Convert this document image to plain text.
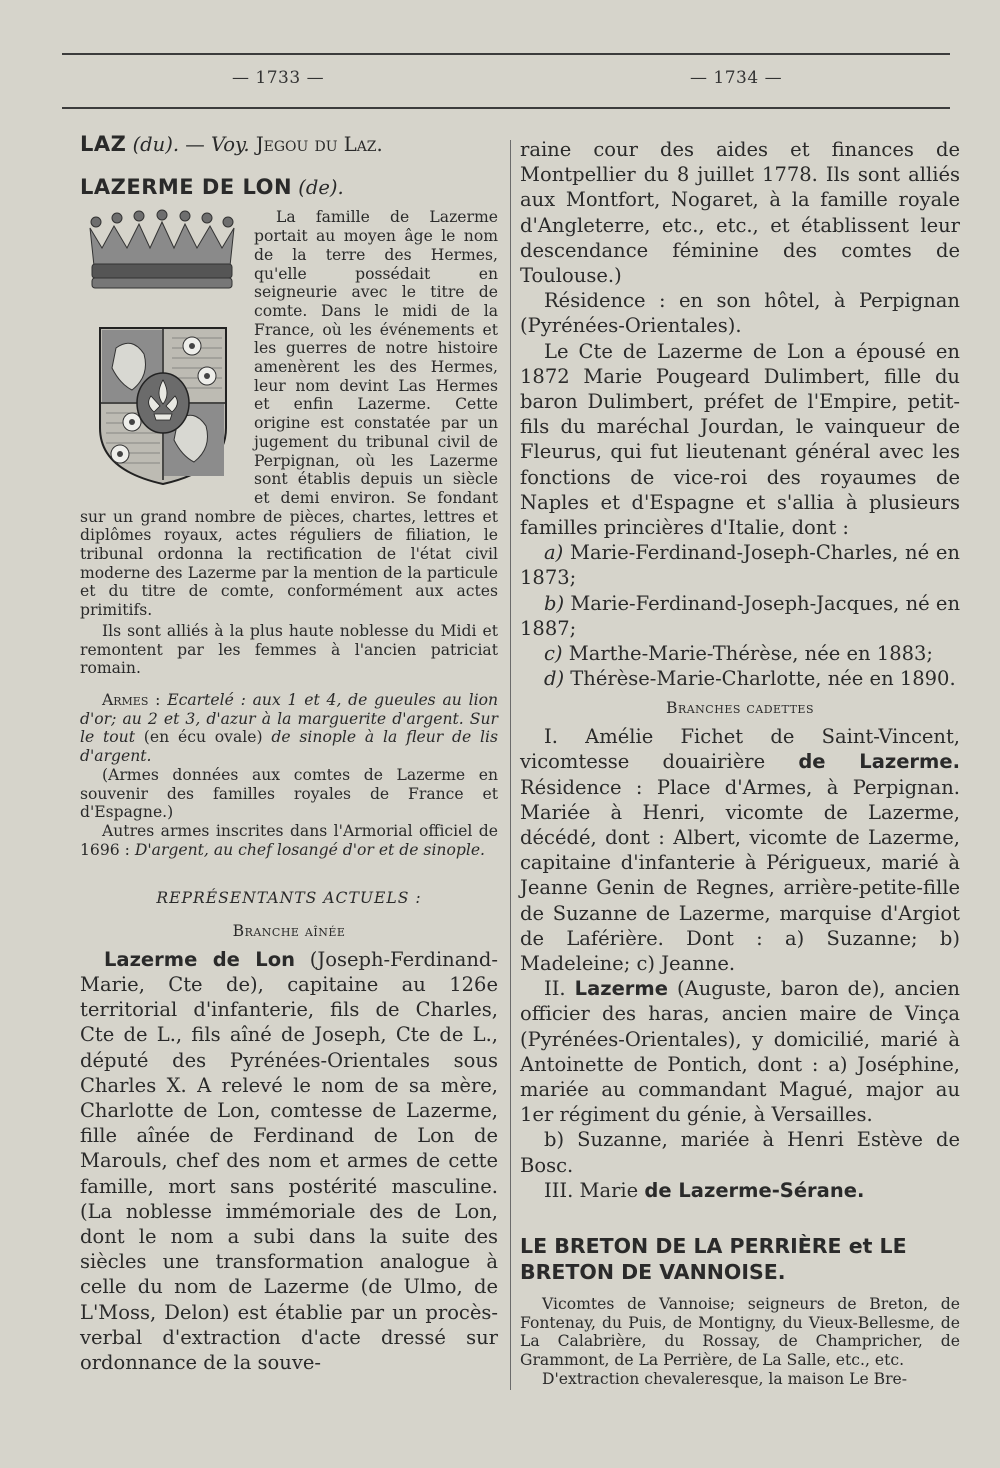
— 1733 —	— 1734 —

LAZ (du). — Voy. Jegou du Laz.

LAZERME DE LON (de).

La famille de Lazerme portait au moyen âge le nom de la terre des Hermes, qu'elle possédait en seigneurie avec le titre de comte. Dans le midi de la France, où les événements et les guerres de notre histoire amenèrent les des Hermes, leur nom devint Las Hermes et enfin Lazerme. Cette origine est constatée par un jugement du tribunal civil de Perpignan, où les Lazerme sont établis depuis un siècle et demi environ. Se fondant sur un grand nombre de pièces, chartes, lettres et diplômes royaux, actes réguliers de filiation, le tribunal ordonna la rectification de l'état civil moderne des Lazerme par la mention de la particule et du titre de comte, conformément aux actes primitifs.

Ils sont alliés à la plus haute noblesse du Midi et remontent par les femmes à l'ancien patriciat romain.

Armes : Ecartelé : aux 1 et 4, de gueules au lion d'or; au 2 et 3, d'azur à la marguerite d'argent. Sur le tout (en écu ovale) de sinople à la fleur de lis d'argent.

(Armes données aux comtes de Lazerme en souvenir des familles royales de France et d'Espagne.)

Autres armes inscrites dans l'Armorial officiel de 1696 : D'argent, au chef losangé d'or et de sinople.

REPRÉSENTANTS ACTUELS :

Branche aînée

Lazerme de Lon (Joseph-Ferdinand-Marie, Cte de), capitaine au 126e territorial d'infanterie, fils de Charles, Cte de L., fils aîné de Joseph, Cte de L., député des Pyrénées-Orientales sous Charles X. A relevé le nom de sa mère, Charlotte de Lon, comtesse de Lazerme, fille aînée de Ferdinand de Lon de Marouls, chef des nom et armes de cette famille, mort sans postérité masculine. (La noblesse immémoriale des de Lon, dont le nom a subi dans la suite des siècles une transformation analogue à celle du nom de Lazerme (de Ulmo, de L'Moss, Delon) est établie par un procès-verbal d'extraction d'acte dressé sur ordonnance de la souve-

raine cour des aides et finances de Montpellier du 8 juillet 1778. Ils sont alliés aux Montfort, Nogaret, à la famille royale d'Angleterre, etc., etc., et établissent leur descendance féminine des comtes de Toulouse.)

Résidence : en son hôtel, à Perpignan (Pyrénées-Orientales).

Le Cte de Lazerme de Lon a épousé en 1872 Marie Pougeard Dulimbert, fille du baron Dulimbert, préfet de l'Empire, petit-fils du maréchal Jourdan, le vainqueur de Fleurus, qui fut lieutenant général avec les fonctions de vice-roi des royaumes de Naples et d'Espagne et s'allia à plusieurs familles princières d'Italie, dont :

a) Marie-Ferdinand-Joseph-Charles, né en 1873;

b) Marie-Ferdinand-Joseph-Jacques, né en 1887;

c) Marthe-Marie-Thérèse, née en 1883;

d) Thérèse-Marie-Charlotte, née en 1890.

Branches cadettes

I. Amélie Fichet de Saint-Vincent, vicomtesse douairière de Lazerme. Résidence : Place d'Armes, à Perpignan. Mariée à Henri, vicomte de Lazerme, décédé, dont : Albert, vicomte de Lazerme, capitaine d'infanterie à Périgueux, marié à Jeanne Genin de Regnes, arrière-petite-fille de Suzanne de Lazerme, marquise d'Argiot de Laférière. Dont : a) Suzanne; b) Madeleine; c) Jeanne.

II. Lazerme (Auguste, baron de), ancien officier des haras, ancien maire de Vinça (Pyrénées-Orientales), y domicilié, marié à Antoinette de Pontich, dont : a) Joséphine, mariée au commandant Magué, major au 1er régiment du génie, à Versailles.

b) Suzanne, mariée à Henri Estève de Bosc.

III. Marie de Lazerme-Sérane.

LE BRETON DE LA PERRIÈRE et LE BRETON DE VANNOISE.

Vicomtes de Vannoise; seigneurs de Breton, de Fontenay, du Puis, de Montigny, du Vieux-Bellesme, de La Calabrière, du Rossay, de Champricher, de Grammont, de La Perrière, de La Salle, etc., etc.

D'extraction chevaleresque, la maison Le Bre-
